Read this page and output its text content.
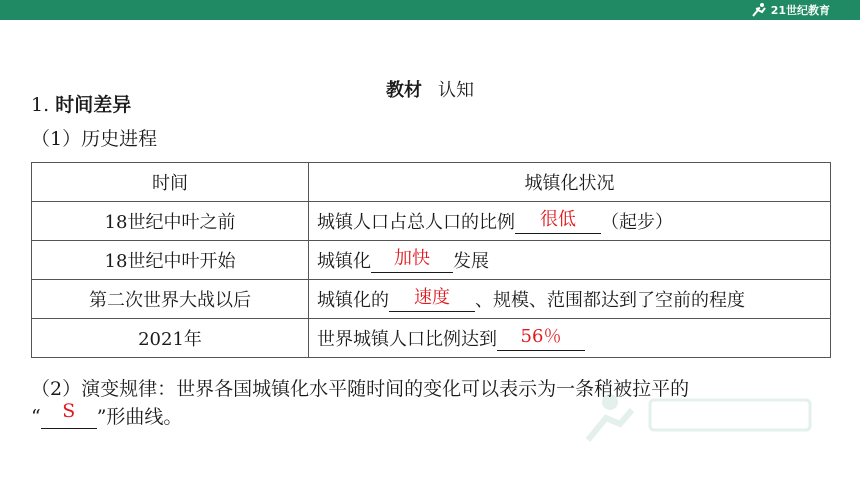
21世纪教育
教材 认知
1. 时间差异
（1）历史进程
时间	城镇化状况
18世纪中叶之前	城镇人口占总人口的比例 很低 （起步）
18世纪中叶开始	城镇化 加快 发展
第二次世界大战以后	城镇化的 速度 、规模、范围都达到了空前的程度
2021年	世界城镇人口比例达到 56％
（2）演变规律：世界各国城镇化水平随时间的变化可以表示为一条稍被拉平的
“ S ”形曲线。
